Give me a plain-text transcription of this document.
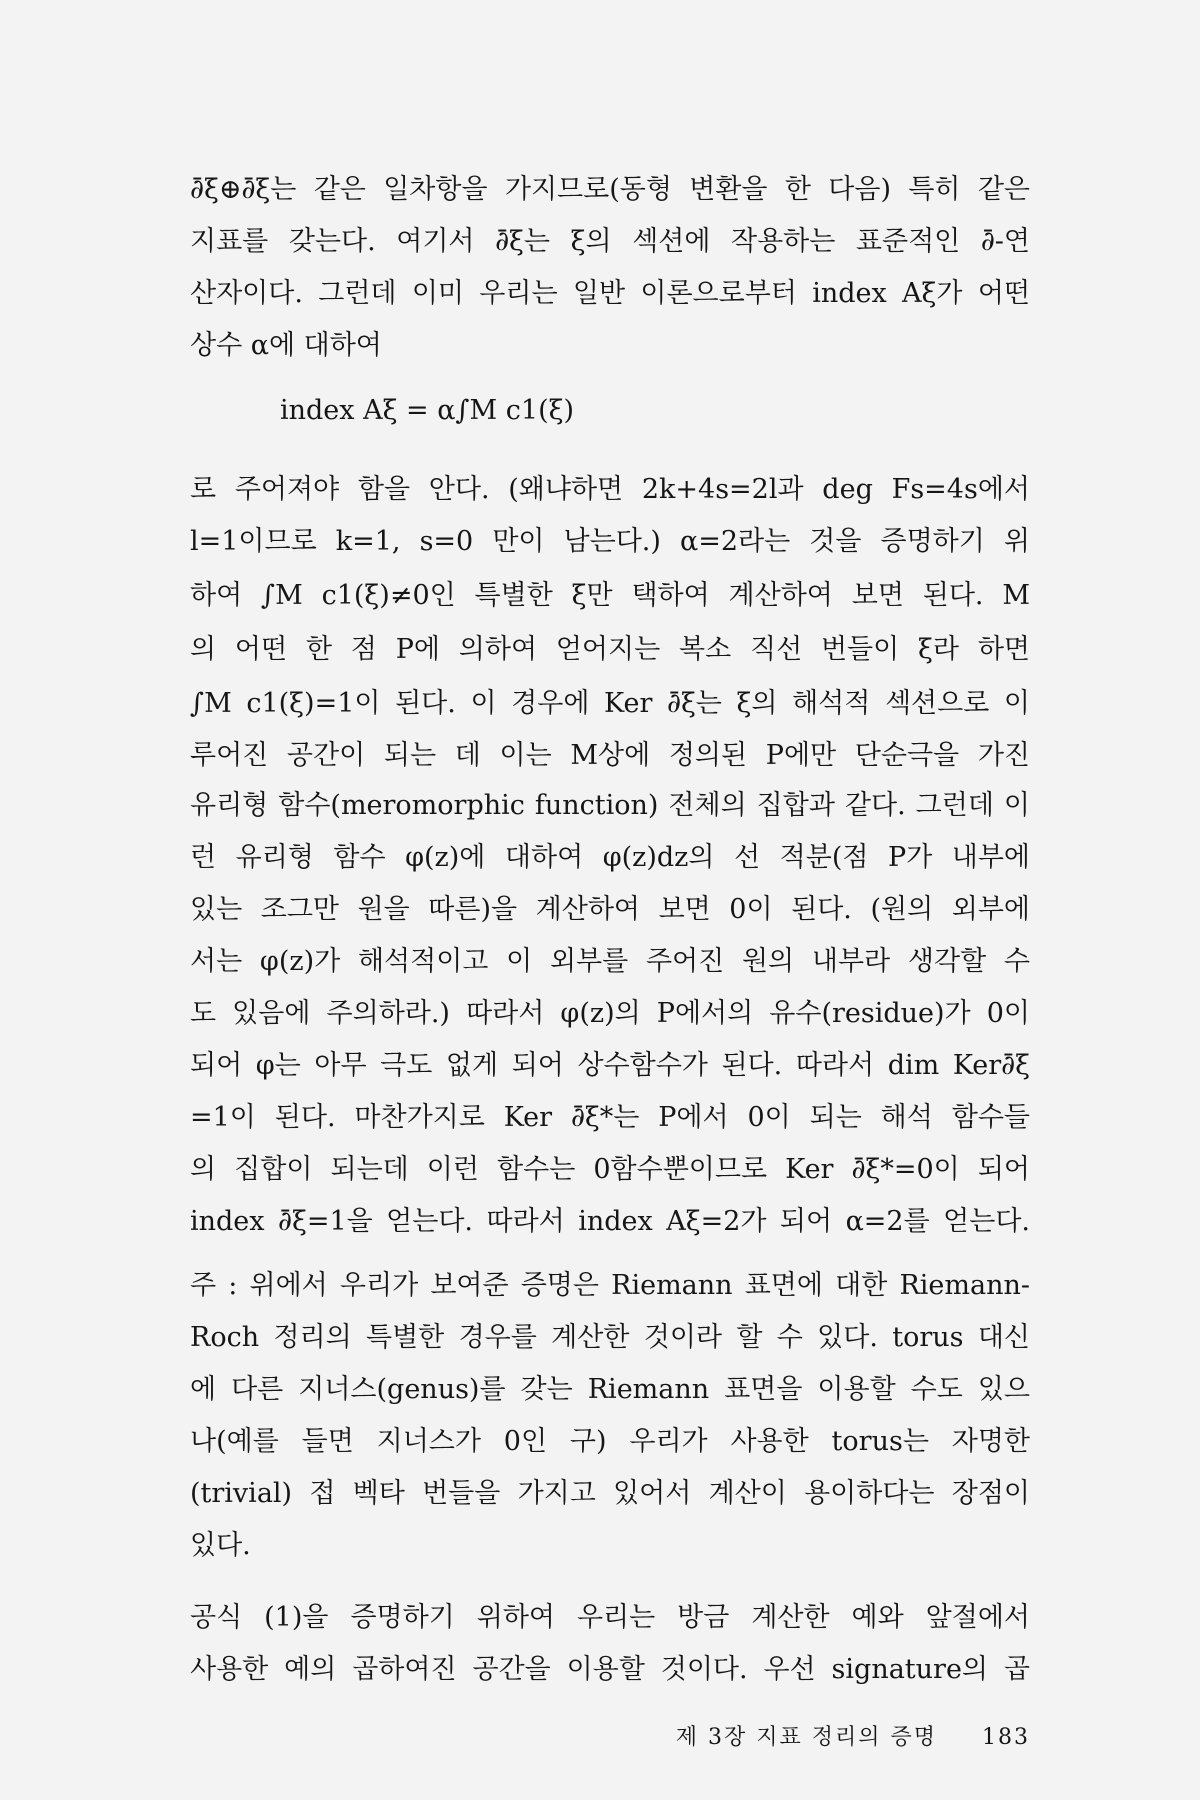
∂̄ξ⊕∂̄ξ는 같은 일차항을 가지므로(동형 변환을 한 다음) 특히 같은
지표를 갖는다. 여기서 ∂̄ξ는 ξ의 섹션에 작용하는 표준적인 ∂̄-연
산자이다. 그런데 이미 우리는 일반 이론으로부터 index Aξ가 어떤
상수 α에 대하여
index Aξ = α∫M c1(ξ)
로 주어져야 함을 안다. (왜냐하면 2k+4s=2l과 deg Fs=4s에서
l=1이므로 k=1, s=0 만이 남는다.) α=2라는 것을 증명하기 위
하여 ∫M c1(ξ)≠0인 특별한 ξ만 택하여 계산하여 보면 된다. M
의 어떤 한 점 P에 의하여 얻어지는 복소 직선 번들이 ξ라 하면
∫M c1(ξ)=1이 된다. 이 경우에 Ker ∂̄ξ는 ξ의 해석적 섹션으로 이
루어진 공간이 되는 데 이는 M상에 정의된 P에만 단순극을 가진
유리형 함수(meromorphic function) 전체의 집합과 같다. 그런데 이
런 유리형 함수 φ(z)에 대하여 φ(z)dz의 선 적분(점 P가 내부에
있는 조그만 원을 따른)을 계산하여 보면 0이 된다. (원의 외부에
서는 φ(z)가 해석적이고 이 외부를 주어진 원의 내부라 생각할 수
도 있음에 주의하라.) 따라서 φ(z)의 P에서의 유수(residue)가 0이
되어 φ는 아무 극도 없게 되어 상수함수가 된다. 따라서 dim Ker∂̄ξ
=1이 된다. 마찬가지로 Ker ∂̄ξ*는 P에서 0이 되는 해석 함수들
의 집합이 되는데 이런 함수는 0함수뿐이므로 Ker ∂̄ξ*=0이 되어
index ∂̄ξ=1을 얻는다. 따라서 index Aξ=2가 되어 α=2를 얻는다.
주 : 위에서 우리가 보여준 증명은 Riemann 표면에 대한 Riemann-
Roch 정리의 특별한 경우를 계산한 것이라 할 수 있다. torus 대신
에 다른 지너스(genus)를 갖는 Riemann 표면을 이용할 수도 있으
나(예를 들면 지너스가 0인 구) 우리가 사용한 torus는 자명한
(trivial) 접 벡타 번들을 가지고 있어서 계산이 용이하다는 장점이
있다.
공식 (1)을 증명하기 위하여 우리는 방금 계산한 예와 앞절에서
사용한 예의 곱하여진 공간을 이용할 것이다. 우선 signature의 곱
제 3장 지표 정리의 증명 183
